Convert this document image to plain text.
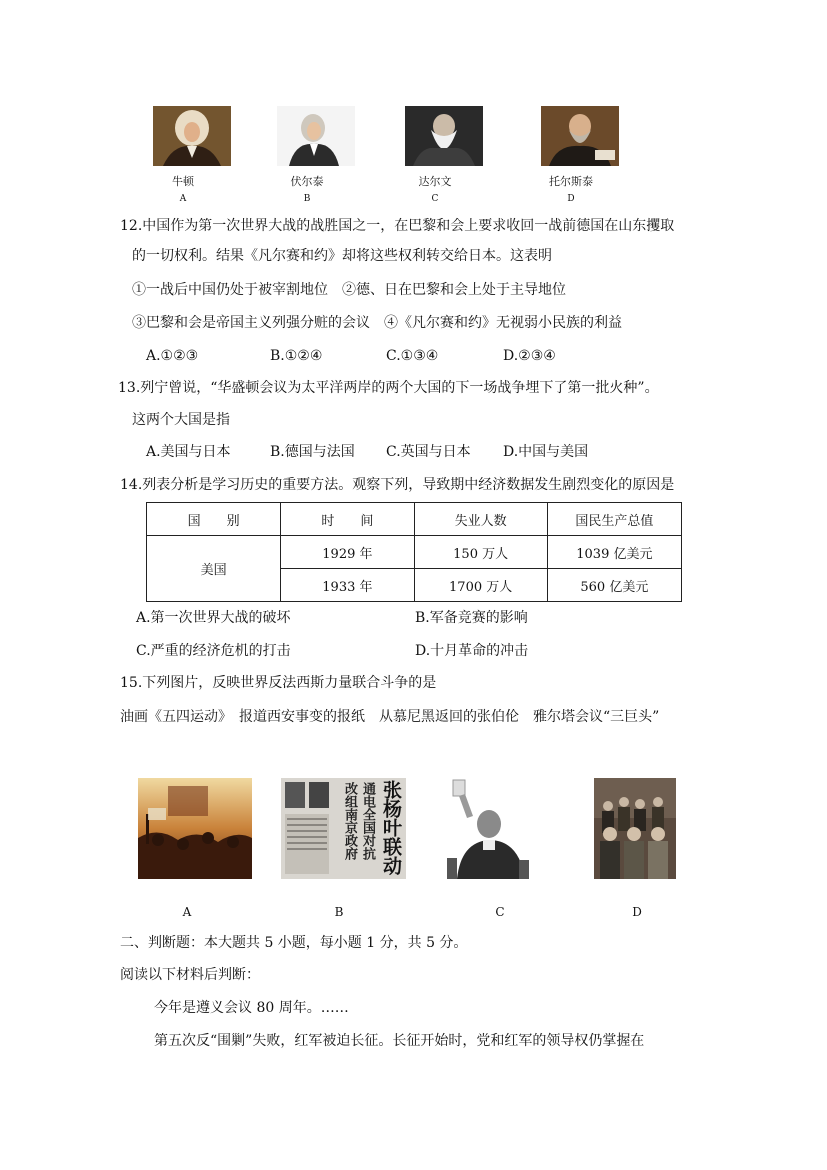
牛顿	伏尔泰	达尔文	托尔斯泰
A	B	C	D
12.中国作为第一次世界大战的战胜国之一，在巴黎和会上要求收回一战前德国在山东攫取
的一切权利。结果《凡尔赛和约》却将这些权利转交给日本。这表明
①一战后中国仍处于被宰割地位　②德、日在巴黎和会上处于主导地位
③巴黎和会是帝国主义列强分赃的会议　④《凡尔赛和约》无视弱小民族的利益
A.①②③	B.①②④	C.①③④	D.②③④
13.列宁曾说，“华盛顿会议为太平洋两岸的两个大国的下一场战争埋下了第一批火种”。
这两个大国是指
A.美国与日本	B.德国与法国 C.英国与日本 D.中国与美国
14.列表分析是学习历史的重要方法。观察下列，导致期中经济数据发生剧烈变化的原因是
国　　别	时　　间	失业人数	国民生产总值
美国	1929 年	150 万人	1039 亿美元
	1933 年	1700 万人	560 亿美元
A.第一次世界大战的破坏	B.军备竞赛的影响
C.严重的经济危机的打击	D.十月革命的冲击
15.下列图片，反映世界反法西斯力量联合斗争的是
油画《五四运动》　报道西安事变的报纸　从慕尼黑返回的张伯伦　雅尔塔会议“三巨头”
张杨叶联动
通电全国对抗
改组南京政府
A	B	C	D
二、判断题：本大题共 5 小题，每小题 1 分，共 5 分。
阅读以下材料后判断：
今年是遵义会议 80 周年。……
第五次反“围剿”失败，红军被迫长征。长征开始时，党和红军的领导权仍掌握在
